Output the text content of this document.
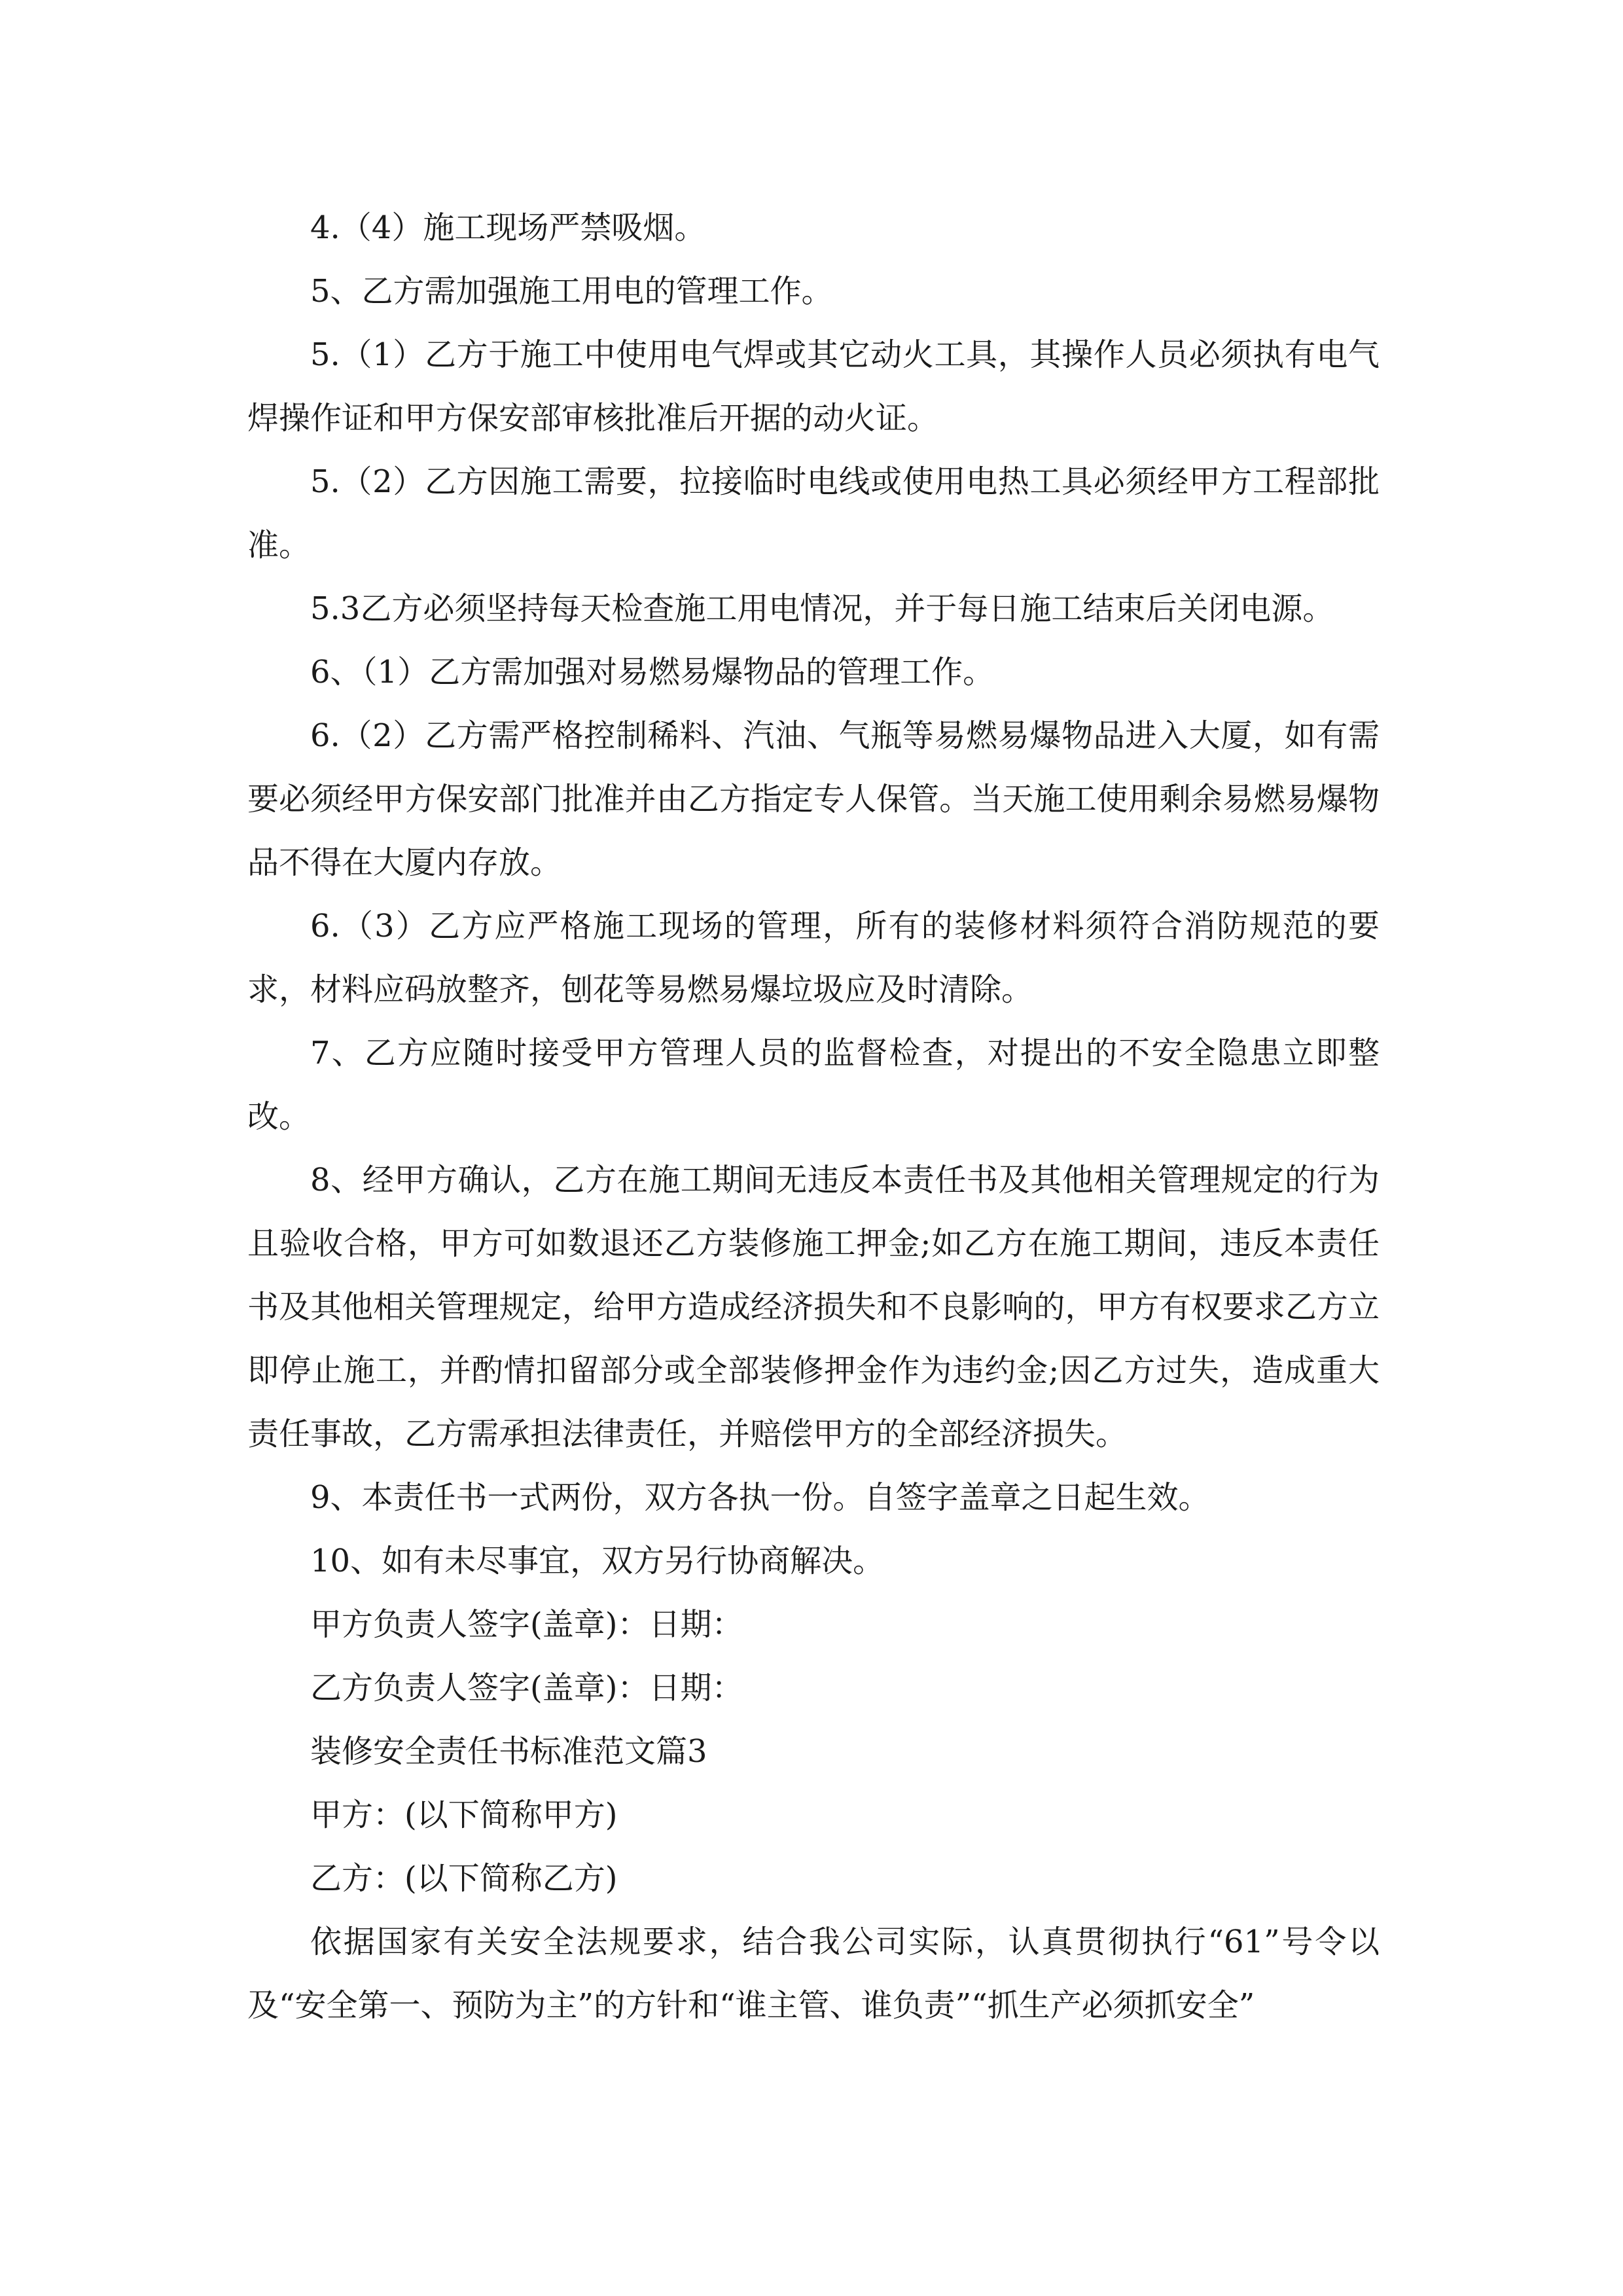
4.（4）施工现场严禁吸烟。

5、乙方需加强施工用电的管理工作。

5.（1）乙方于施工中使用电气焊或其它动火工具，其操作人员必须执有电气焊操作证和甲方保安部审核批准后开据的动火证。

5.（2）乙方因施工需要，拉接临时电线或使用电热工具必须经甲方工程部批准。

5.3乙方必须坚持每天检查施工用电情况，并于每日施工结束后关闭电源。

6、（1）乙方需加强对易燃易爆物品的管理工作。

6.（2）乙方需严格控制稀料、汽油、气瓶等易燃易爆物品进入大厦，如有需要必须经甲方保安部门批准并由乙方指定专人保管。当天施工使用剩余易燃易爆物品不得在大厦内存放。

6.（3）乙方应严格施工现场的管理，所有的装修材料须符合消防规范的要求，材料应码放整齐，刨花等易燃易爆垃圾应及时清除。

7、乙方应随时接受甲方管理人员的监督检查，对提出的不安全隐患立即整改。

8、经甲方确认，乙方在施工期间无违反本责任书及其他相关管理规定的行为且验收合格，甲方可如数退还乙方装修施工押金;如乙方在施工期间，违反本责任书及其他相关管理规定，给甲方造成经济损失和不良影响的，甲方有权要求乙方立即停止施工，并酌情扣留部分或全部装修押金作为违约金;因乙方过失，造成重大责任事故，乙方需承担法律责任，并赔偿甲方的全部经济损失。

9、本责任书一式两份，双方各执一份。自签字盖章之日起生效。

10、如有未尽事宜，双方另行协商解决。

甲方负责人签字(盖章)：日期：

乙方负责人签字(盖章)：日期：

装修安全责任书标准范文篇3

甲方：(以下简称甲方)

乙方：(以下简称乙方)

依据国家有关安全法规要求，结合我公司实际，认真贯彻执行“61”号令以及“安全第一、预防为主”的方针和“谁主管、谁负责”“抓生产必须抓安全”
